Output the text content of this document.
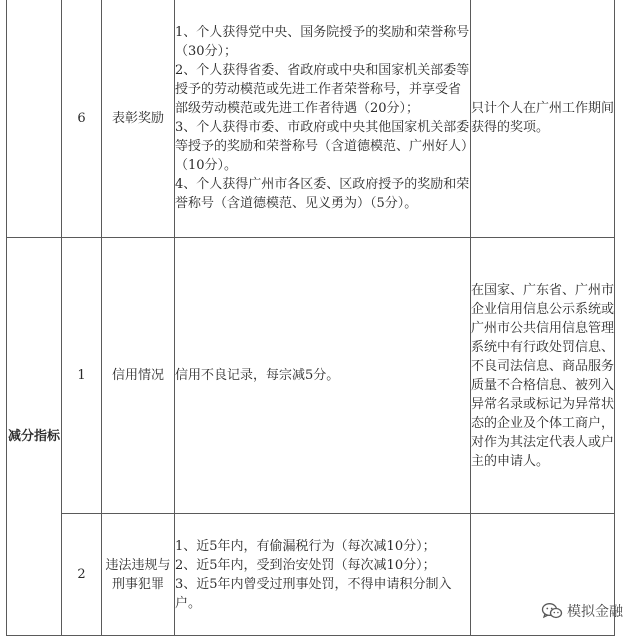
	6	表彰奖励	1、个人获得党中央、国务院授予的奖励和荣誉称号（30分）；
2、个人获得省委、省政府或中央和国家机关部委等授予的劳动模范或先进工作者荣誉称号，并享受省部级劳动模范或先进工作者待遇（20分）；
3、个人获得市委、市政府或中央其他国家机关部委等授予的奖励和荣誉称号（含道德模范、广州好人）（10分）。
4、个人获得广州市各区委、区政府授予的奖励和荣誉称号（含道德模范、见义勇为）（5分）。	只计个人在广州工作期间获得的奖项。
减分指标	1	信用情况	信用不良记录，每宗减5分。	在国家、广东省、广州市企业信用信息公示系统或广州市公共信用信息管理系统中有行政处罚信息、不良司法信息、商品服务质量不合格信息、被列入异常名录或标记为异常状态的企业及个体工商户，对作为其法定代表人或户主的申请人。
	2	违法违规与刑事犯罪	1、近5年内，有偷漏税行为（每次减10分）；
2、近5年内，受到治安处罚（每次减10分）；
3、近5年内曾受过刑事处罚，不得申请积分制入户。	

模拟金融
